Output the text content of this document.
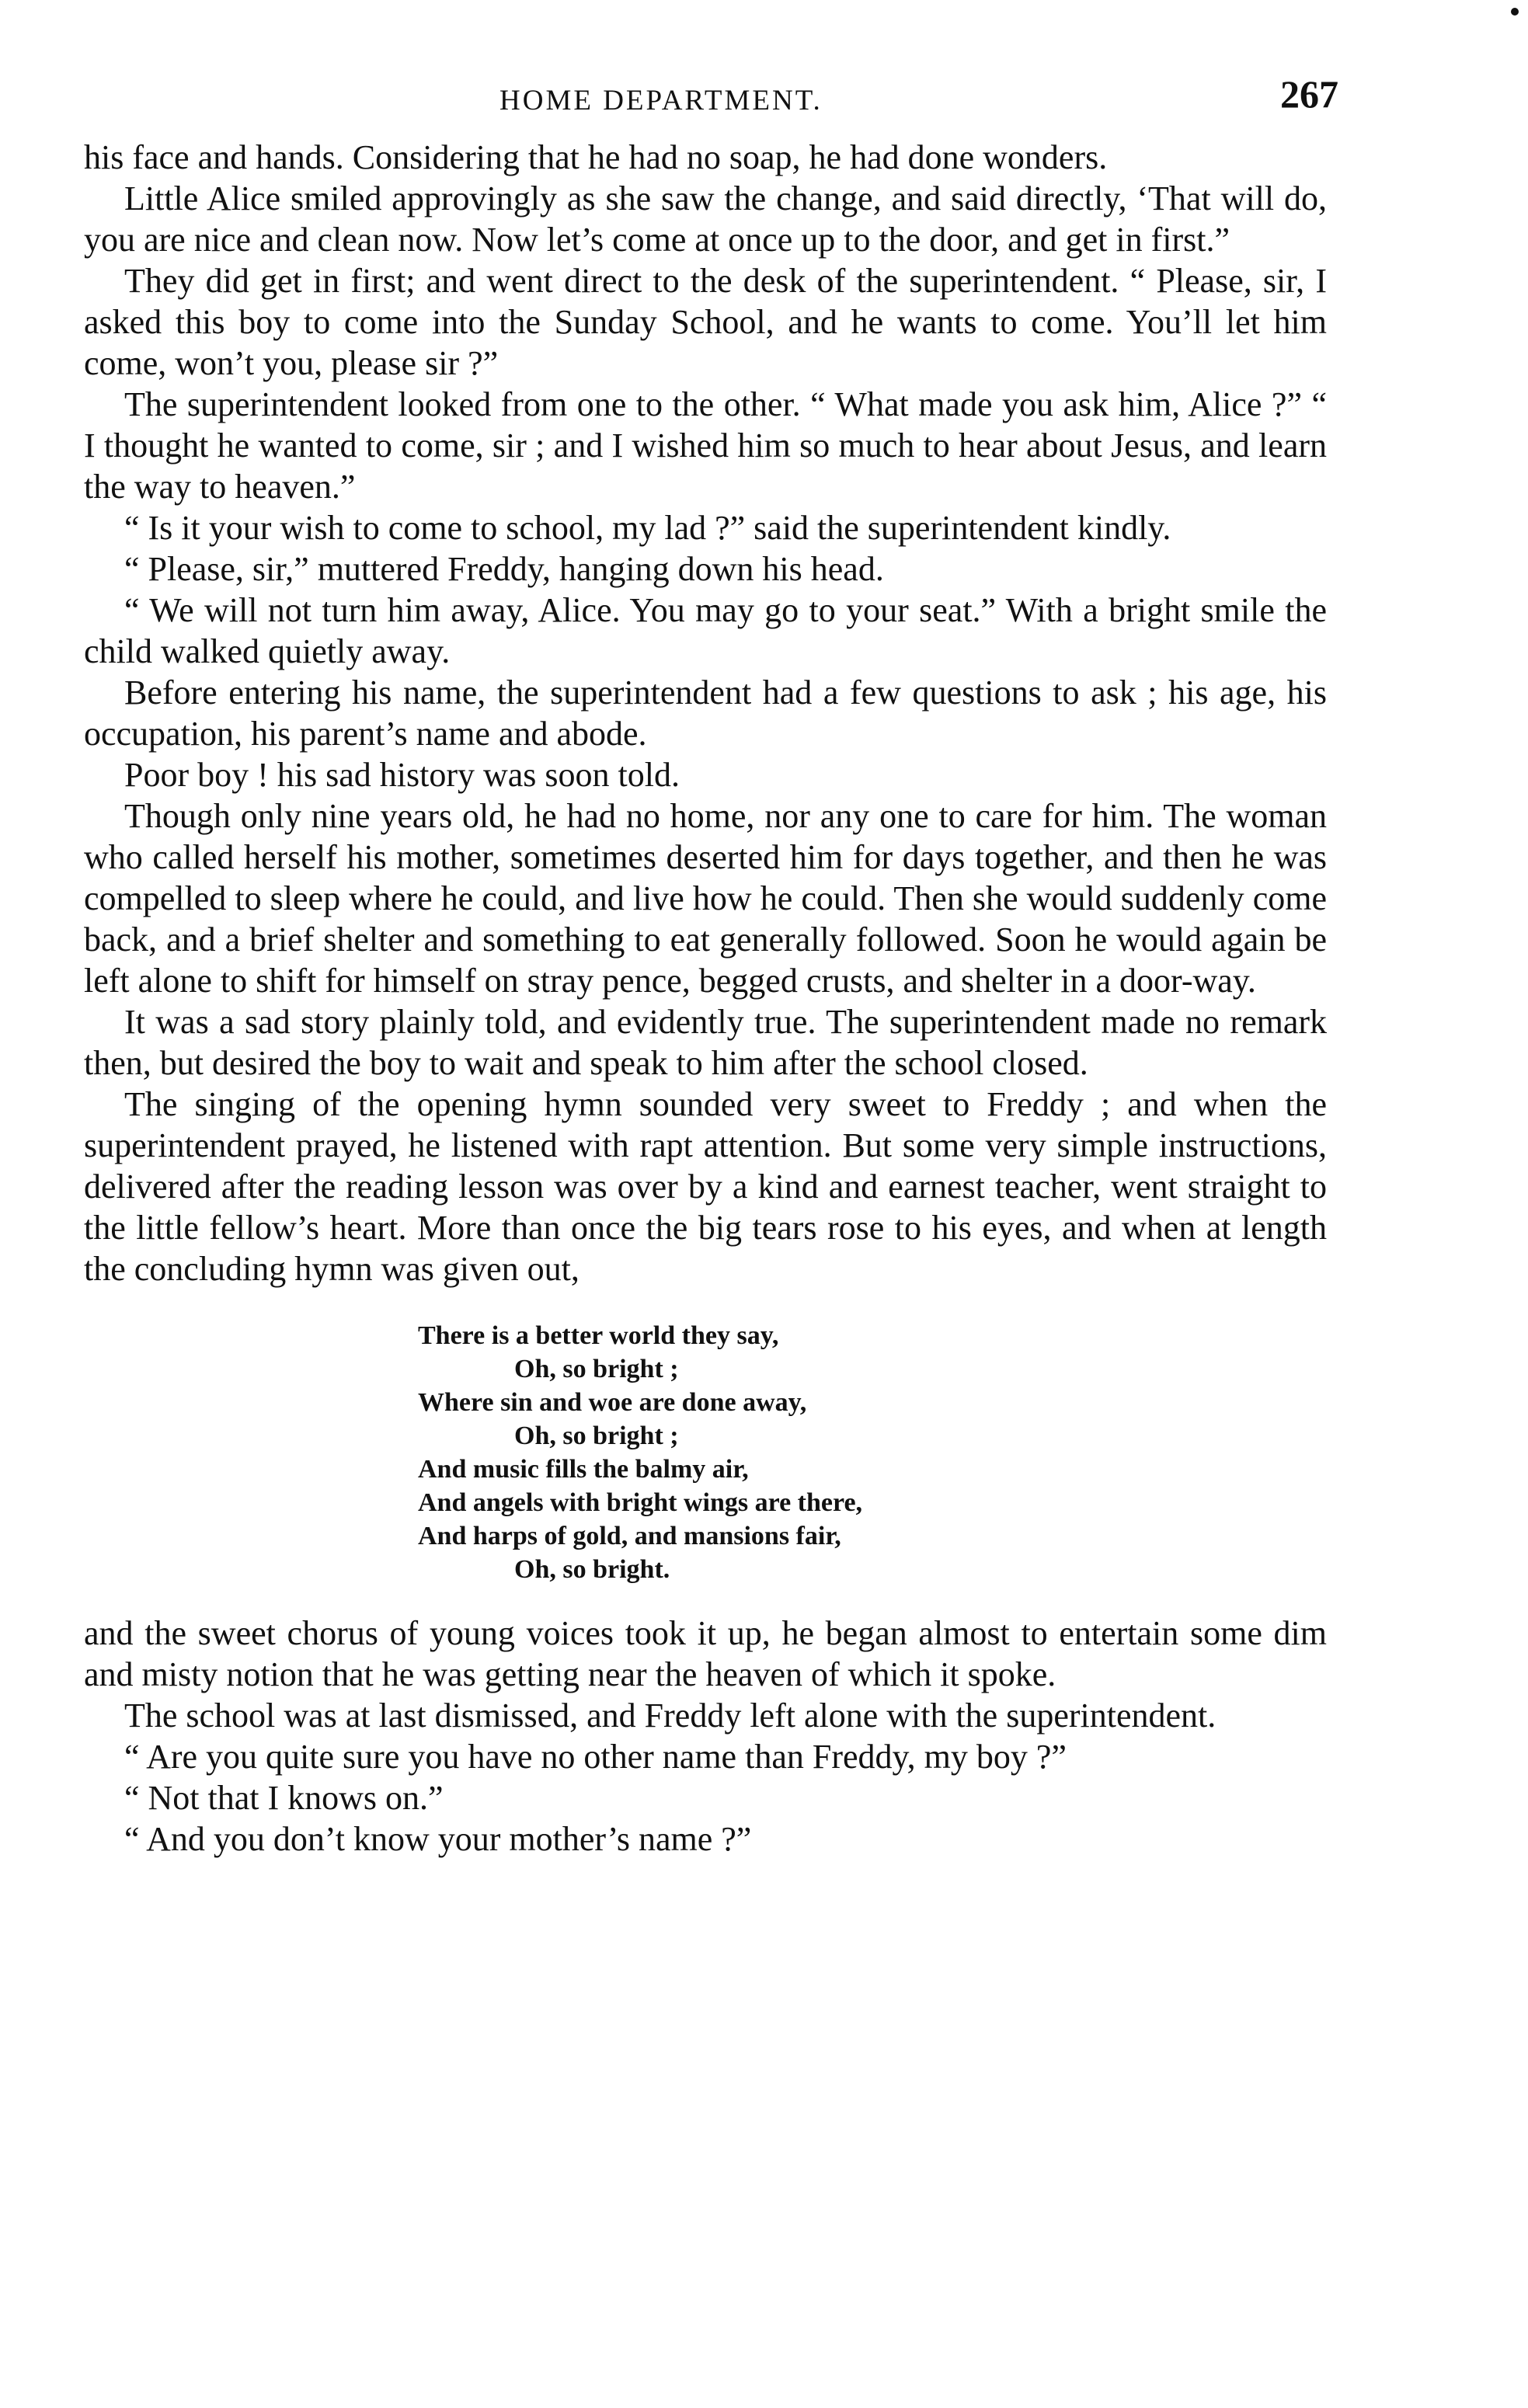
HOME DEPARTMENT.	267

his face and hands. Considering that he had no soap, he had done wonders.

Little Alice smiled approvingly as she saw the change, and said directly, ‘That will do, you are nice and clean now. Now let’s come at once up to the door, and get in first.”

They did get in first; and went direct to the desk of the superintendent. “ Please, sir, I asked this boy to come into the Sunday School, and he wants to come. You’ll let him come, won’t you, please sir ?”

The superintendent looked from one to the other. “ What made you ask him, Alice ?” “ I thought he wanted to come, sir ; and I wished him so much to hear about Jesus, and learn the way to heaven.”

“ Is it your wish to come to school, my lad ?” said the superintendent kindly.

“ Please, sir,” muttered Freddy, hanging down his head.

“ We will not turn him away, Alice. You may go to your seat.” With a bright smile the child walked quietly away.

Before entering his name, the superintendent had a few questions to ask ; his age, his occupation, his parent’s name and abode.

Poor boy ! his sad history was soon told.

Though only nine years old, he had no home, nor any one to care for him. The woman who called herself his mother, sometimes deserted him for days together, and then he was compelled to sleep where he could, and live how he could. Then she would suddenly come back, and a brief shelter and something to eat generally followed. Soon he would again be left alone to shift for himself on stray pence, begged crusts, and shelter in a door-way.

It was a sad story plainly told, and evidently true. The superintendent made no remark then, but desired the boy to wait and speak to him after the school closed.

The singing of the opening hymn sounded very sweet to Freddy ; and when the superintendent prayed, he listened with rapt attention. But some very simple instructions, delivered after the reading lesson was over by a kind and earnest teacher, went straight to the little fellow’s heart. More than once the big tears rose to his eyes, and when at length the concluding hymn was given out,

There is a better world they say,
Oh, so bright ;
Where sin and woe are done away,
Oh, so bright ;
And music fills the balmy air,
And angels with bright wings are there,
And harps of gold, and mansions fair,
Oh, so bright.

and the sweet chorus of young voices took it up, he began almost to entertain some dim and misty notion that he was getting near the heaven of which it spoke.

The school was at last dismissed, and Freddy left alone with the superintendent.

“ Are you quite sure you have no other name than Freddy, my boy ?”

“ Not that I knows on.”

“ And you don’t know your mother’s name ?”
